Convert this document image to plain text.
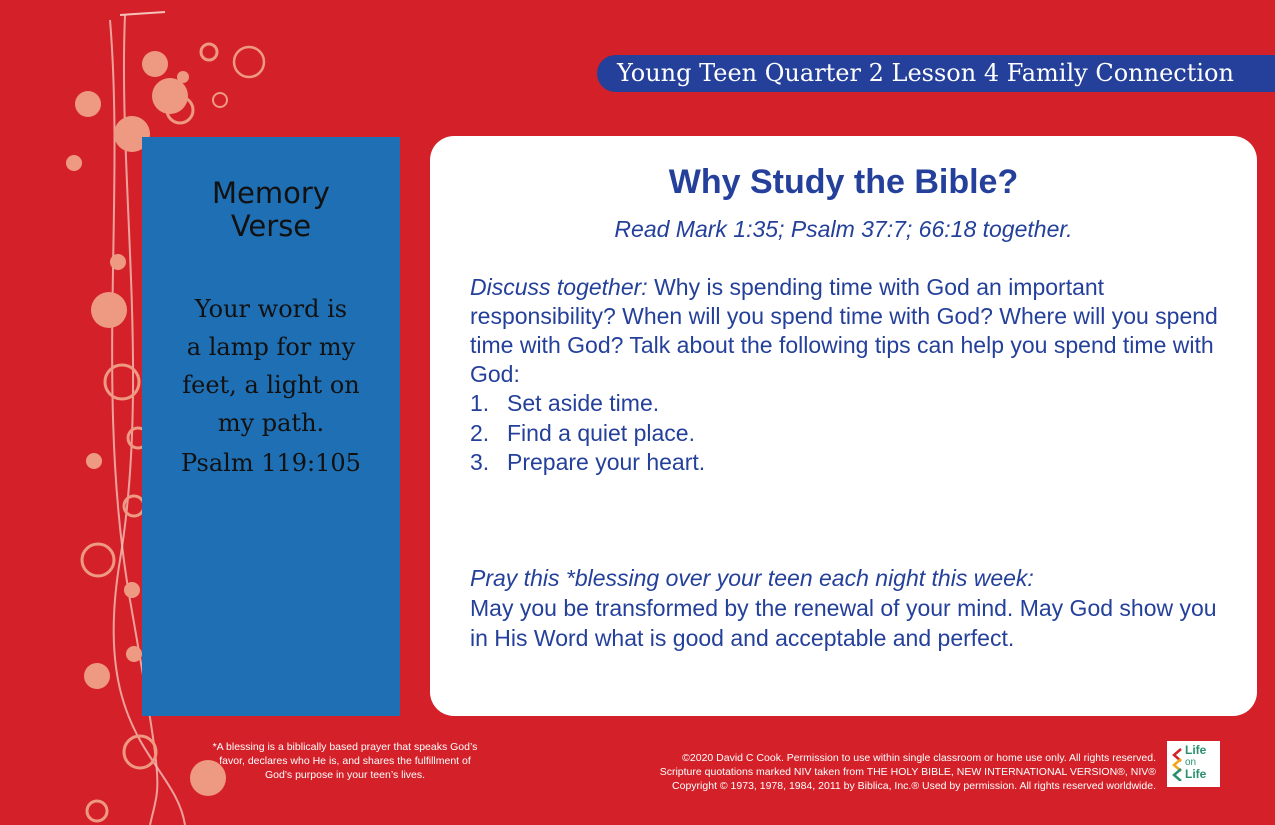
Young Teen Quarter 2 Lesson 4 Family Connection
Memory
Verse
Your word is
a lamp for my
feet, a light on
my path.
Psalm 119:105
Why Study the Bible?
Read Mark 1:35; Psalm 37:7; 66:18 together.
Discuss together: Why is spending time with God an important responsibility? When will you spend time with God? Where will you spend time with God? Talk about the following tips can help you spend time with God:
1. Set aside time.
2. Find a quiet place.
3. Prepare your heart.
Pray this *blessing over your teen each night this week:
May you be transformed by the renewal of your mind. May God show you in His Word what is good and acceptable and perfect.
*A blessing is a biblically based prayer that speaks God’s favor, declares who He is, and shares the fulfillment of God’s purpose in your teen’s lives.
©2020 David C Cook. Permission to use within single classroom or home use only. All rights reserved.
Scripture quotations marked NIV taken from THE HOLY BIBLE, NEW INTERNATIONAL VERSION®, NIV®
Copyright © 1973, 1978, 1984, 2011 by Biblica, Inc.® Used by permission. All rights reserved worldwide.
Life
on
Life
